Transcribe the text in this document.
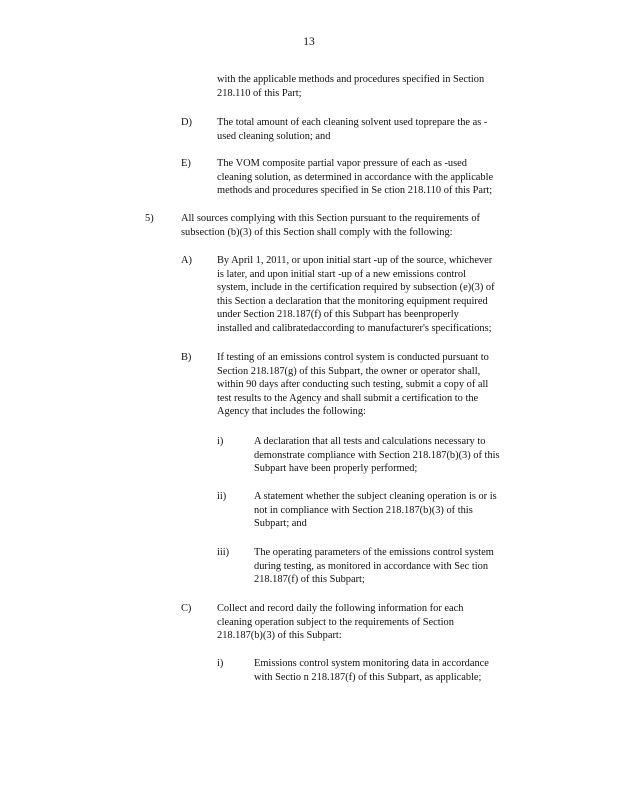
13
with the applicable methods and procedures specified in Section
218.110 of this Part;
D) The total amount of each cleaning solvent used toprepare the as -
used cleaning solution; and
E)	The VOM composite partial vapor pressure of each as -used
cleaning solution, as determined in accordance with the applicable
methods and procedures specified in Se ction 218.110 of this Part;
5)	All sources complying with this Section pursuant to the requirements of
subsection (b)(3) of this Section shall comply with the following:
A) By April 1, 2011, or upon initial start -up of the source, whichever
is later, and upon initial start -up of a new emissions control
system, include in the certification required by subsection (e)(3) of
this Section a declaration that the monitoring equipment required
under Section 218.187(f) of this Subpart has beenproperly
installed and calibratedaccording to manufacturer's specifications;
B) If testing of an emissions control system is conducted pursuant to
Section 218.187(g) of this Subpart, the owner or operator shall,
within 90 days after conducting such testing, submit a copy of all
test results to the Agency and shall submit a certification to the
Agency that includes the following:
i)	A declaration that all tests and calculations necessary to
demonstrate compliance with Section 218.187(b)(3) of this
Subpart have been properly performed;
ii)	A statement whether the subject cleaning operation is or is
not in compliance with Section 218.187(b)(3) of this
Subpart; and
iii) The operating parameters of the emissions control system
during testing, as monitored in accordance with Sec tion
218.187(f) of this Subpart;
C) Collect and record daily the following information for each
cleaning operation subject to the requirements of Section
218.187(b)(3) of this Subpart:
i)	Emissions control system monitoring data in accordance
with Sectio n 218.187(f) of this Subpart, as applicable;
